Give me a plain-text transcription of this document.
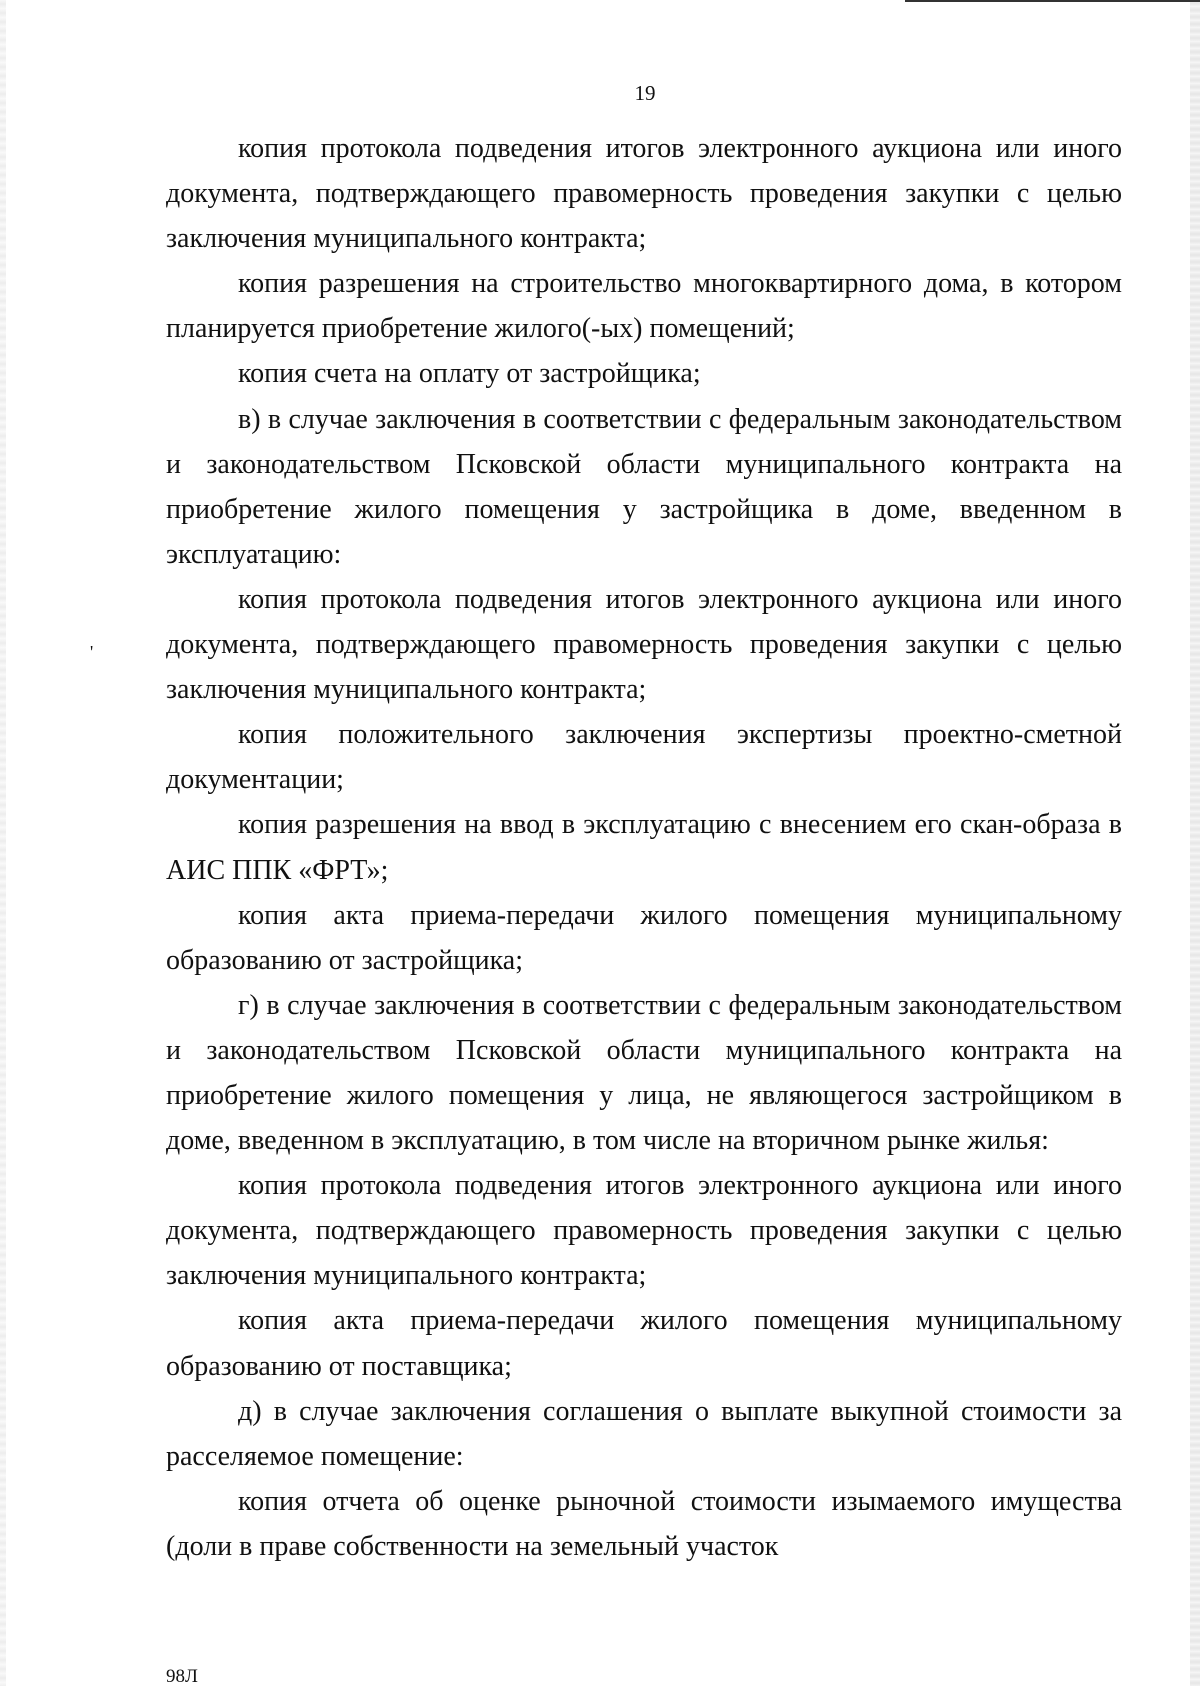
19

копия протокола подведения итогов электронного аукциона или иного документа, подтверждающего правомерность проведения закупки с целью заключения муниципального контракта;

копия разрешения на строительство многоквартирного дома, в котором планируется приобретение жилого(-ых) помещений;

копия счета на оплату от застройщика;

в) в случае заключения в соответствии с федеральным законодательством и законодательством Псковской области муниципального контракта на приобретение жилого помещения у застройщика в доме, введенном в эксплуатацию:

копия протокола подведения итогов электронного аукциона или иного документа, подтверждающего правомерность проведения закупки с целью заключения муниципального контракта;

копия положительного заключения экспертизы проектно-сметной документации;

копия разрешения на ввод в эксплуатацию с внесением его скан-образа в АИС ППК «ФРТ»;

копия акта приема-передачи жилого помещения муниципальному образованию от застройщика;

г) в случае заключения в соответствии с федеральным законодательством и законодательством Псковской области муниципального контракта на приобретение жилого помещения у лица, не являющегося застройщиком в доме, введенном в эксплуатацию, в том числе на вторичном рынке жилья:

копия протокола подведения итогов электронного аукциона или иного документа, подтверждающего правомерность проведения закупки с целью заключения муниципального контракта;

копия акта приема-передачи жилого помещения муниципальному образованию от поставщика;

д) в случае заключения соглашения о выплате выкупной стоимости за расселяемое помещение:

копия отчета об оценке рыночной стоимости изымаемого имущества (доли в праве собственности на земельный участок

'
98Л
